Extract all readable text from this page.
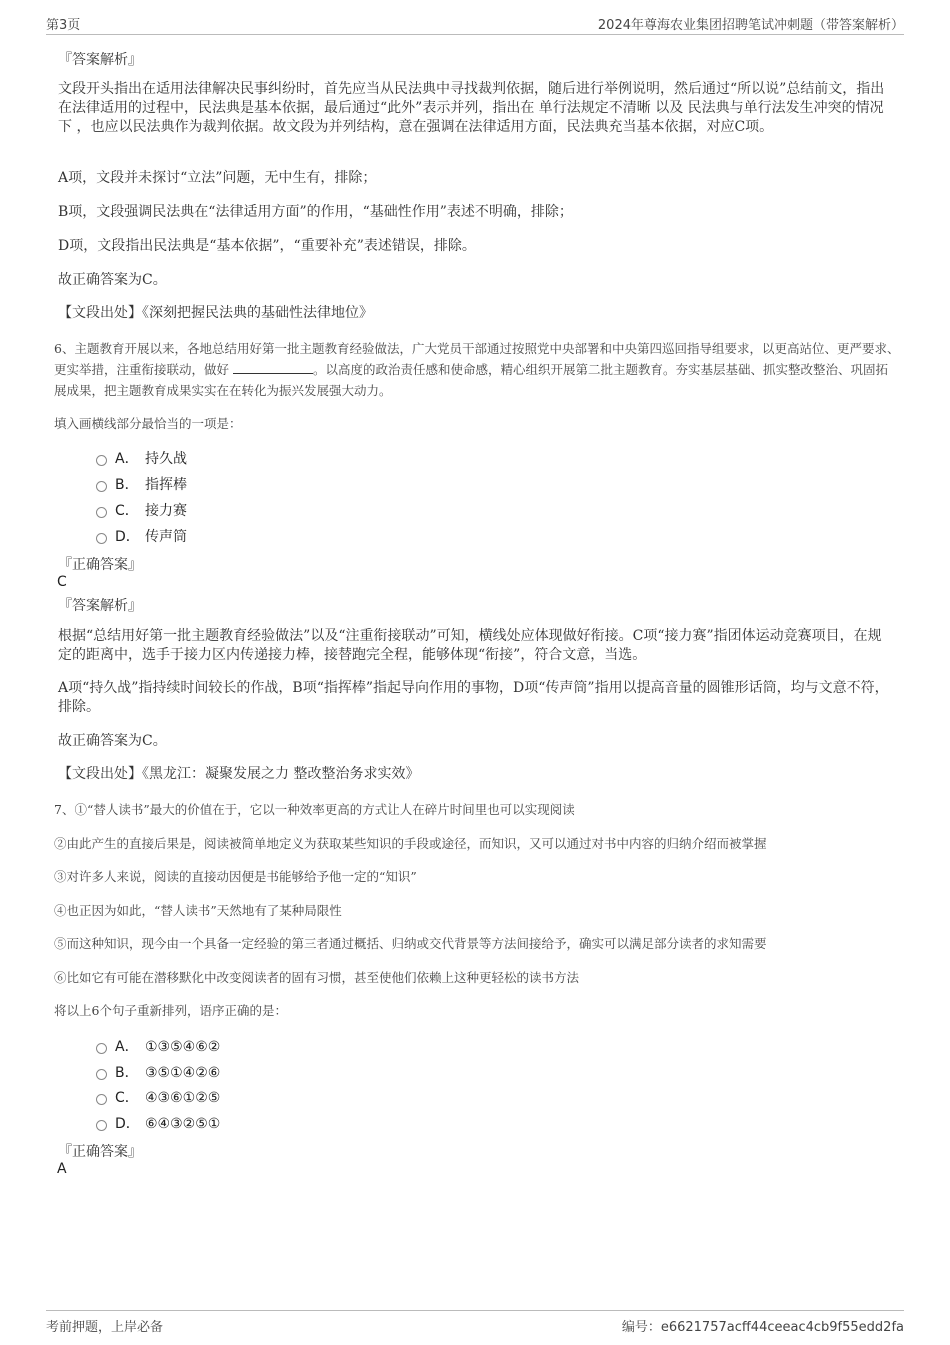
第3页	2024年尊海农业集团招聘笔试冲刺题（带答案解析）
『答案解析』
文段开头指出在适用法律解决民事纠纷时，首先应当从民法典中寻找裁判依据，随后进行举例说明，然后通过“所以说”总结前文，指出在法律适用的过程中，民法典是基本依据，最后通过“此外”表示并列，指出在 单行法规定不清晰 以及 民法典与单行法发生冲突的情况下 ，也应以民法典作为裁判依据。故文段为并列结构，意在强调在法律适用方面，民法典充当基本依据，对应C项。
A项，文段并未探讨“立法”问题，无中生有，排除；
B项，文段强调民法典在“法律适用方面”的作用，“基础性作用”表述不明确，排除；
D项，文段指出民法典是“基本依据”，“重要补充”表述错误，排除。
故正确答案为C。
【文段出处】《深刻把握民法典的基础性法律地位》
6、主题教育开展以来，各地总结用好第一批主题教育经验做法，广大党员干部通过按照党中央部署和中央第四巡回指导组要求，以更高站位、更严要求、更实举措，注重衔接联动，做好	。以高度的政治责任感和使命感，精心组织开展第二批主题教育。夯实基层基础、抓实整改整治、巩固拓展成果，把主题教育成果实实在在转化为振兴发展强大动力。
填入画横线部分最恰当的一项是：
A． 持久战
B． 指挥棒
C． 接力赛
D． 传声筒
『正确答案』
C
『答案解析』
根据“总结用好第一批主题教育经验做法”以及“注重衔接联动”可知，横线处应体现做好衔接。C项“接力赛”指团体运动竞赛项目，在规定的距离中，选手于接力区内传递接力棒，接替跑完全程，能够体现“衔接”，符合文意，当选。
A项“持久战”指持续时间较长的作战，B项“指挥棒”指起导向作用的事物，D项“传声筒”指用以提高音量的圆锥形话筒，均与文意不符，排除。
故正确答案为C。
【文段出处】《黑龙江：凝聚发展之力 整改整治务求实效》
7、①“替人读书”最大的价值在于，它以一种效率更高的方式让人在碎片时间里也可以实现阅读
②由此产生的直接后果是，阅读被简单地定义为获取某些知识的手段或途径，而知识，又可以通过对书中内容的归纳介绍而被掌握
③对许多人来说，阅读的直接动因便是书能够给予他一定的“知识”
④也正因为如此，“替人读书”天然地有了某种局限性
⑤而这种知识，现今由一个具备一定经验的第三者通过概括、归纳或交代背景等方法间接给予，确实可以满足部分读者的求知需要
⑥比如它有可能在潜移默化中改变阅读者的固有习惯，甚至使他们依赖上这种更轻松的读书方法
将以上6个句子重新排列，语序正确的是：
A． ①③⑤④⑥②
B． ③⑤①④②⑥
C． ④③⑥①②⑤
D． ⑥④③②⑤①
『正确答案』
A
考前押题，上岸必备	编号：e6621757acff44ceeac4cb9f55edd2fa
